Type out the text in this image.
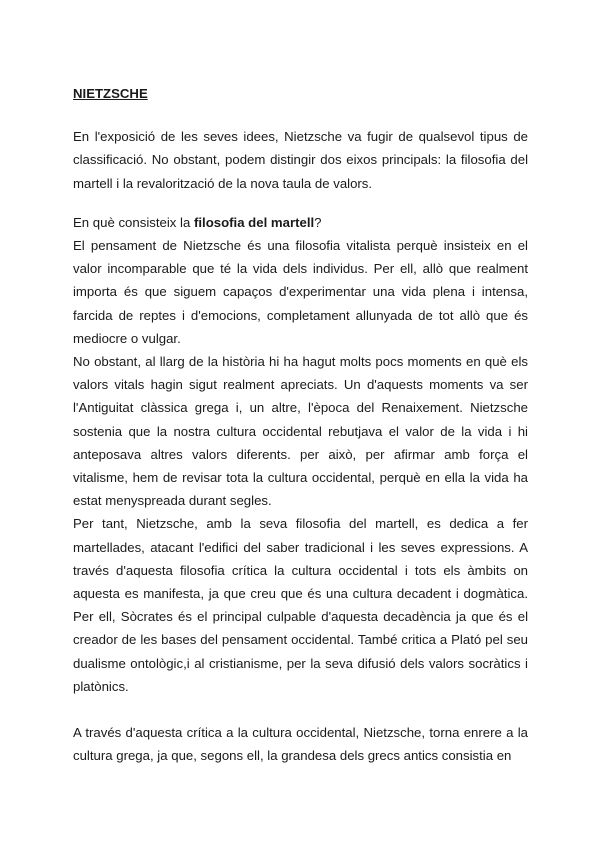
NIETZSCHE

En l'exposició de les seves idees, Nietzsche va fugir de qualsevol tipus de classificació. No obstant, podem distingir dos eixos principals: la filosofia del martell i la revalorització de la nova taula de valors.

En què consisteix la filosofia del martell?

El pensament de Nietzsche és una filosofia vitalista perquè insisteix en el valor incomparable que té la vida dels individus. Per ell, allò que realment importa és que siguem capaços d'experimentar una vida plena i intensa, farcida de reptes i d'emocions, completament allunyada de tot allò que és mediocre o vulgar.

No obstant, al llarg de la història hi ha hagut molts pocs moments en què els valors vitals hagin sigut realment apreciats. Un d'aquests moments va ser l'Antiguitat clàssica grega i, un altre, l'època del Renaixement. Nietzsche sostenia que la nostra cultura occidental rebutjava el valor de la vida i hi anteposava altres valors diferents. per això, per afirmar amb força el vitalisme, hem de revisar tota la cultura occidental, perquè en ella la vida ha estat menyspreada durant segles.

Per tant, Nietzsche, amb la seva filosofia del martell, es dedica a fer martellades, atacant l'edifici del saber tradicional i les seves expressions. A través d'aquesta filosofia crítica la cultura occidental i tots els àmbits on aquesta es manifesta, ja que creu que és una cultura decadent i dogmàtica. Per ell, Sòcrates és el principal culpable d'aquesta decadència ja que és el creador de les bases del pensament occidental. També critica a Plató pel seu dualisme ontològic,i al cristianisme, per la seva difusió dels valors socràtics i platònics.

A través d'aquesta crítica a la cultura occidental, Nietzsche, torna enrere a la cultura grega, ja que, segons ell, la grandesa dels grecs antics consistia en
